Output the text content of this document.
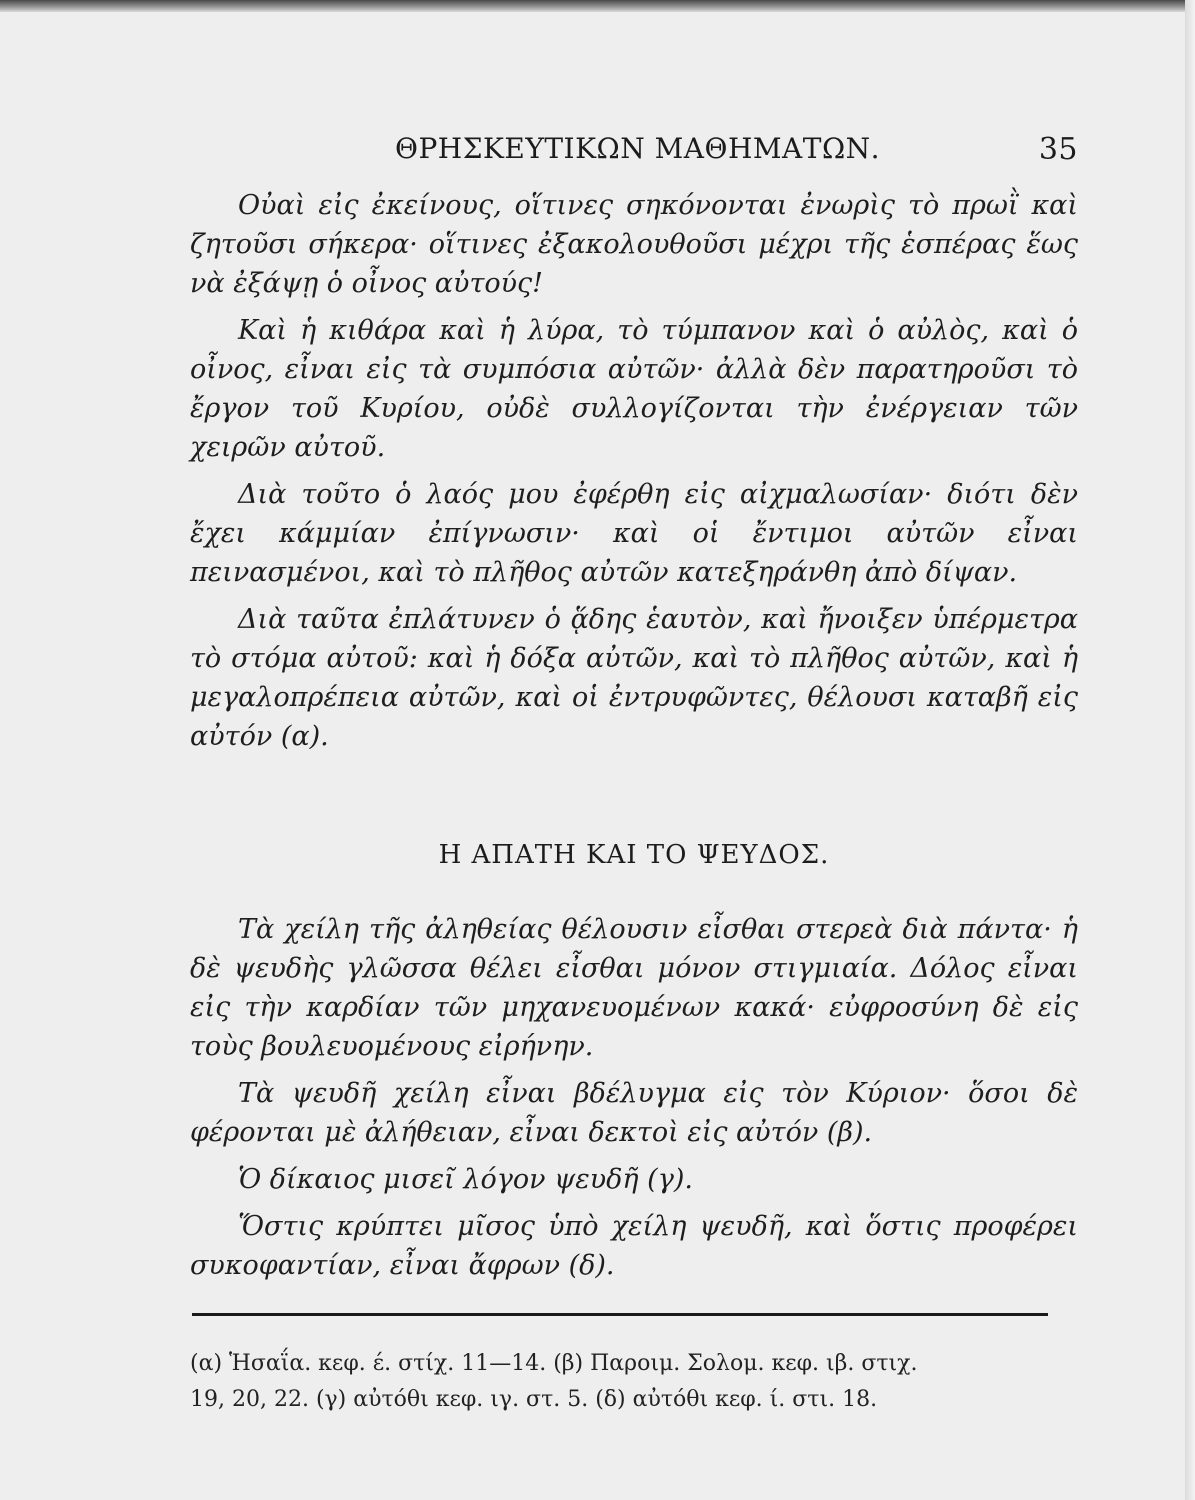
ΘΡΗΣΚΕΥΤΙΚΩΝ ΜΑΘΗΜΑΤΩΝ.	35

Οὐαὶ εἰς ἐκείνους, οἵτινες σηκόνονται ἐνωρὶς τὸ πρωῒ καὶ ζητοῦσι σήκερα· οἵτινες ἐξακολουθοῦσι μέχρι τῆς ἑσπέρας ἕως νὰ ἐξάψῃ ὁ οἶνος αὐτούς!

Καὶ ἡ κιθάρα καὶ ἡ λύρα, τὸ τύμπανον καὶ ὁ αὐλὸς, καὶ ὁ οἶνος, εἶναι εἰς τὰ συμπόσια αὐτῶν· ἀλλὰ δὲν παρατηροῦσι τὸ ἔργον τοῦ Κυρίου, οὐδὲ συλλογίζονται τὴν ἐνέργειαν τῶν χειρῶν αὐτοῦ.

Διὰ τοῦτο ὁ λαός μου ἐφέρθη εἰς αἰχμαλωσίαν· διότι δὲν ἔχει κάμμίαν ἐπίγνωσιν· καὶ οἱ ἔντιμοι αὐτῶν εἶναι πεινασμένοι, καὶ τὸ πλῆθος αὐτῶν κατεξηράνθη ἀπὸ δίψαν.

Διὰ ταῦτα ἐπλάτυνεν ὁ ᾅδης ἑαυτὸν, καὶ ἤνοιξεν ὑπέρμετρα τὸ στόμα αὐτοῦ: καὶ ἡ δόξα αὐτῶν, καὶ τὸ πλῆθος αὐτῶν, καὶ ἡ μεγαλοπρέπεια αὐτῶν, καὶ οἱ ἐντρυφῶντες, θέλουσι καταβῆ εἰς αὐτόν (α).

Η ΑΠΑΤΗ ΚΑΙ ΤΟ ΨΕΥΔΟΣ.

Τὰ χείλη τῆς ἀληθείας θέλουσιν εἶσθαι στερεὰ διὰ πάντα· ἡ δὲ ψευδὴς γλῶσσα θέλει εἶσθαι μόνον στιγμιαία. Δόλος εἶναι εἰς τὴν καρδίαν τῶν μηχανευομένων κακά· εὐφροσύνη δὲ εἰς τοὺς βουλευομένους εἰρήνην.

Τὰ ψευδῆ χείλη εἶναι βδέλυγμα εἰς τὸν Κύριον· ὅσοι δὲ φέρονται μὲ ἀλήθειαν, εἶναι δεκτοὶ εἰς αὐτόν (β).

Ὁ δίκαιος μισεῖ λόγον ψευδῆ (γ).

Ὅστις κρύπτει μῖσος ὑπὸ χείλη ψευδῆ, καὶ ὅστις προφέρει συκοφαντίαν, εἶναι ἄφρων (δ).

(α) Ἡσαΐα. κεφ. έ. στίχ. 11—14. (β) Παροιμ. Σολομ. κεφ. ιβ. στιχ.
19, 20, 22. (γ) αὐτόθι κεφ. ιγ. στ. 5. (δ) αὐτόθι κεφ. ί. στι. 18.
